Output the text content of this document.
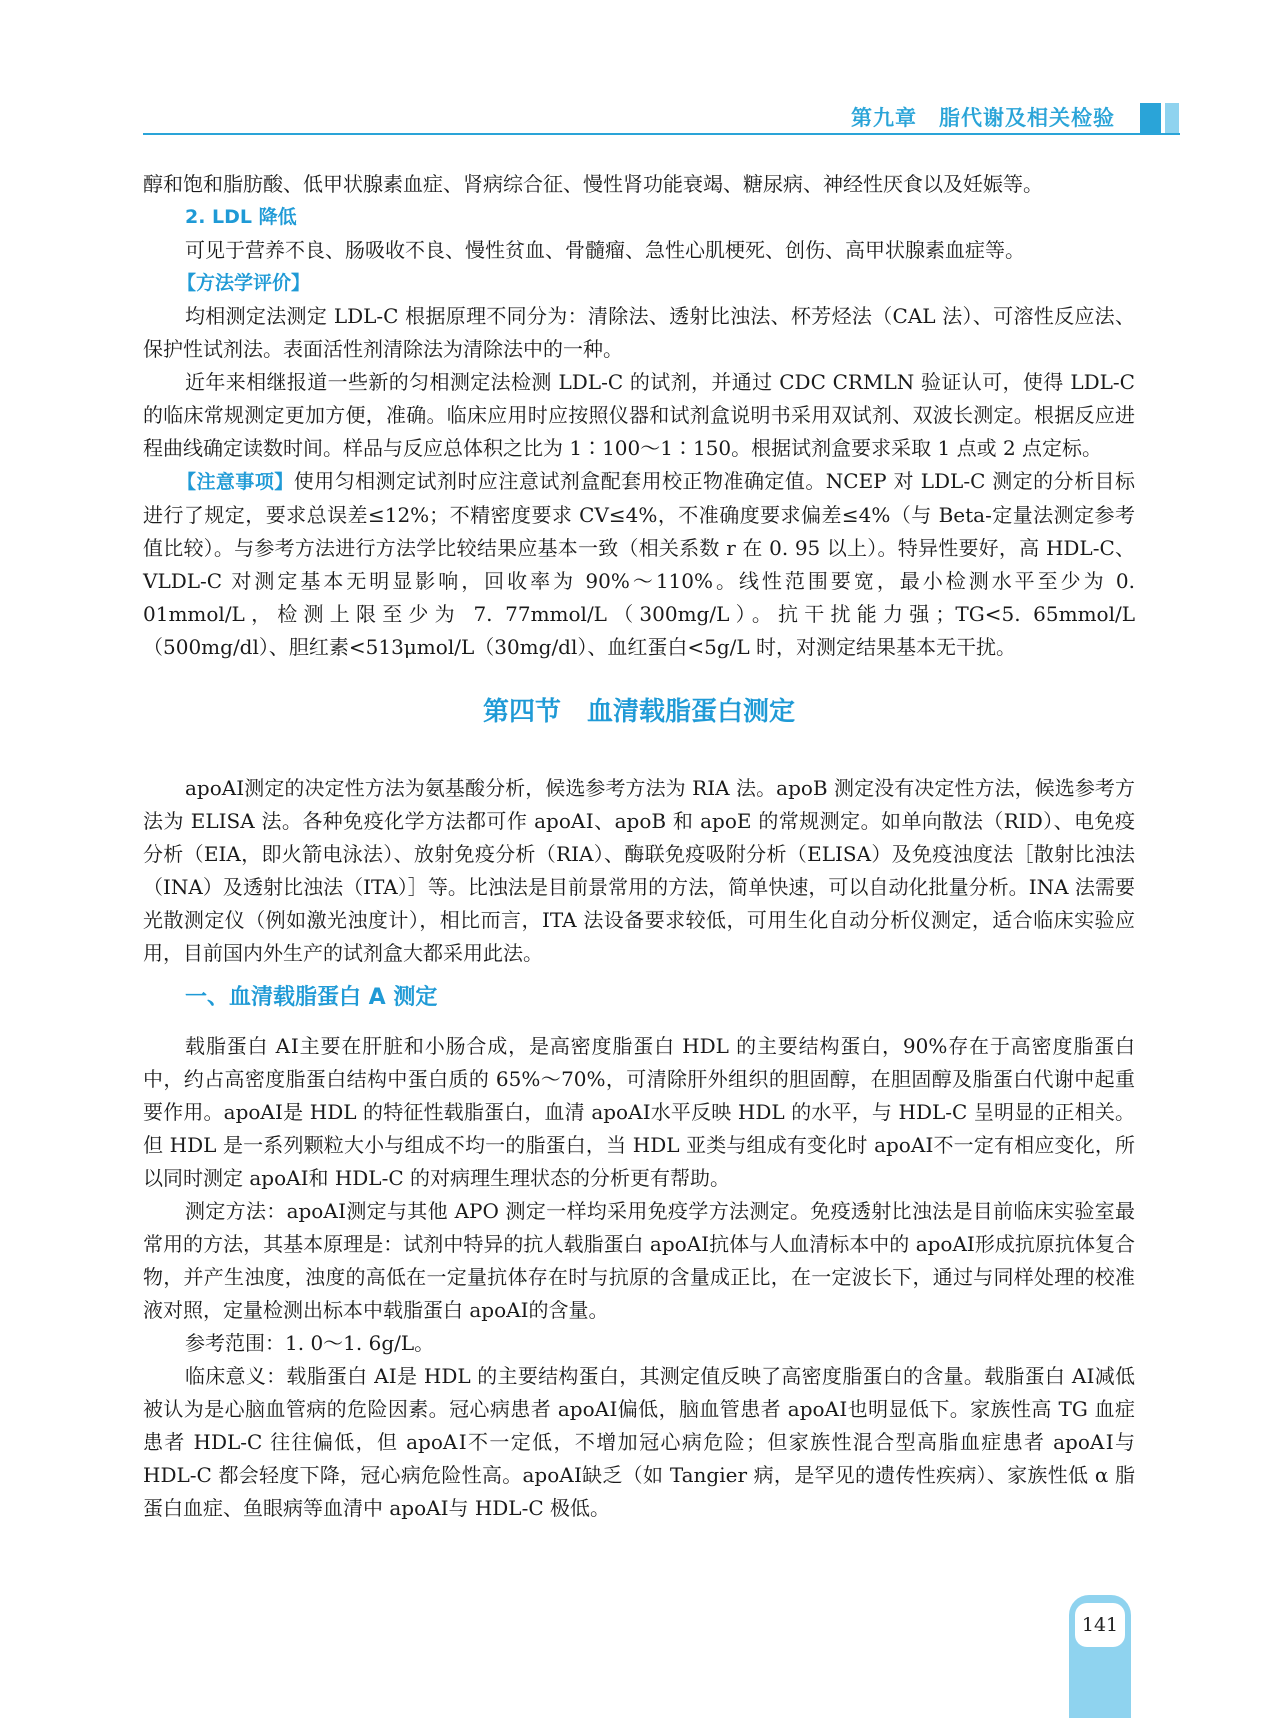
第九章　脂代谢及相关检验

醇和饱和脂肪酸、低甲状腺素血症、肾病综合征、慢性肾功能衰竭、糖尿病、神经性厌食以及妊娠等。

2. LDL 降低

可见于营养不良、肠吸收不良、慢性贫血、骨髓瘤、急性心肌梗死、创伤、高甲状腺素血症等。

【方法学评价】

均相测定法测定 LDL-C 根据原理不同分为：清除法、透射比浊法、杯芳烃法（CAL 法）、可溶性反应法、保护性试剂法。表面活性剂清除法为清除法中的一种。

近年来相继报道一些新的匀相测定法检测 LDL-C 的试剂，并通过 CDC CRMLN 验证认可，使得 LDL-C 的临床常规测定更加方便，准确。临床应用时应按照仪器和试剂盒说明书采用双试剂、双波长测定。根据反应进程曲线确定读数时间。样品与反应总体积之比为 1∶100～1∶150。根据试剂盒要求采取 1 点或 2 点定标。

【注意事项】使用匀相测定试剂时应注意试剂盒配套用校正物准确定值。NCEP 对 LDL-C 测定的分析目标进行了规定，要求总误差≤12%；不精密度要求 CV≤4%，不准确度要求偏差≤4%（与 Beta-定量法测定参考值比较）。与参考方法进行方法学比较结果应基本一致（相关系数 r 在 0. 95 以上）。特异性要好，高 HDL-C、VLDL-C 对测定基本无明显影响，回收率为 90%～110%。线性范围要宽，最小检测水平至少为 0. 01mmol/L，检测上限至少为 7. 77mmol/L（300mg/L）。抗干扰能力强；TG<5. 65mmol/L（500mg/dl）、胆红素<513μmol/L（30mg/dl）、血红蛋白<5g/L 时，对测定结果基本无干扰。

第四节　血清载脂蛋白测定

apoAⅠ测定的决定性方法为氨基酸分析，候选参考方法为 RIA 法。apoB 测定没有决定性方法，候选参考方法为 ELISA 法。各种免疫化学方法都可作 apoAⅠ、apoB 和 apoE 的常规测定。如单向散法（RID）、电免疫分析（EIA，即火箭电泳法）、放射免疫分析（RIA）、酶联免疫吸附分析（ELISA）及免疫浊度法［散射比浊法（INA）及透射比浊法（ITA）］等。比浊法是目前景常用的方法，简单快速，可以自动化批量分析。INA 法需要光散测定仪（例如激光浊度计），相比而言，ITA 法设备要求较低，可用生化自动分析仪测定，适合临床实验应用，目前国内外生产的试剂盒大都采用此法。

一、血清载脂蛋白 A 测定

载脂蛋白 AⅠ主要在肝脏和小肠合成，是高密度脂蛋白 HDL 的主要结构蛋白，90%存在于高密度脂蛋白中，约占高密度脂蛋白结构中蛋白质的 65%～70%，可清除肝外组织的胆固醇，在胆固醇及脂蛋白代谢中起重要作用。apoAⅠ是 HDL 的特征性载脂蛋白，血清 apoAⅠ水平反映 HDL 的水平，与 HDL-C 呈明显的正相关。但 HDL 是一系列颗粒大小与组成不均一的脂蛋白，当 HDL 亚类与组成有变化时 apoAⅠ不一定有相应变化，所以同时测定 apoAⅠ和 HDL-C 的对病理生理状态的分析更有帮助。

测定方法：apoAⅠ测定与其他 APO 测定一样均采用免疫学方法测定。免疫透射比浊法是目前临床实验室最常用的方法，其基本原理是：试剂中特异的抗人载脂蛋白 apoAⅠ抗体与人血清标本中的 apoAⅠ形成抗原抗体复合物，并产生浊度，浊度的高低在一定量抗体存在时与抗原的含量成正比，在一定波长下，通过与同样处理的校准液对照，定量检测出标本中载脂蛋白 apoAⅠ的含量。

参考范围：1. 0～1. 6g/L。

临床意义：载脂蛋白 AⅠ是 HDL 的主要结构蛋白，其测定值反映了高密度脂蛋白的含量。载脂蛋白 AⅠ减低被认为是心脑血管病的危险因素。冠心病患者 apoAⅠ偏低，脑血管患者 apoAⅠ也明显低下。家族性高 TG 血症患者 HDL-C 往往偏低，但 apoAⅠ不一定低，不增加冠心病危险；但家族性混合型高脂血症患者 apoAⅠ与 HDL-C 都会轻度下降，冠心病危险性高。apoAⅠ缺乏（如 Tangier 病，是罕见的遗传性疾病）、家族性低 α 脂蛋白血症、鱼眼病等血清中 apoAⅠ与 HDL-C 极低。

141
